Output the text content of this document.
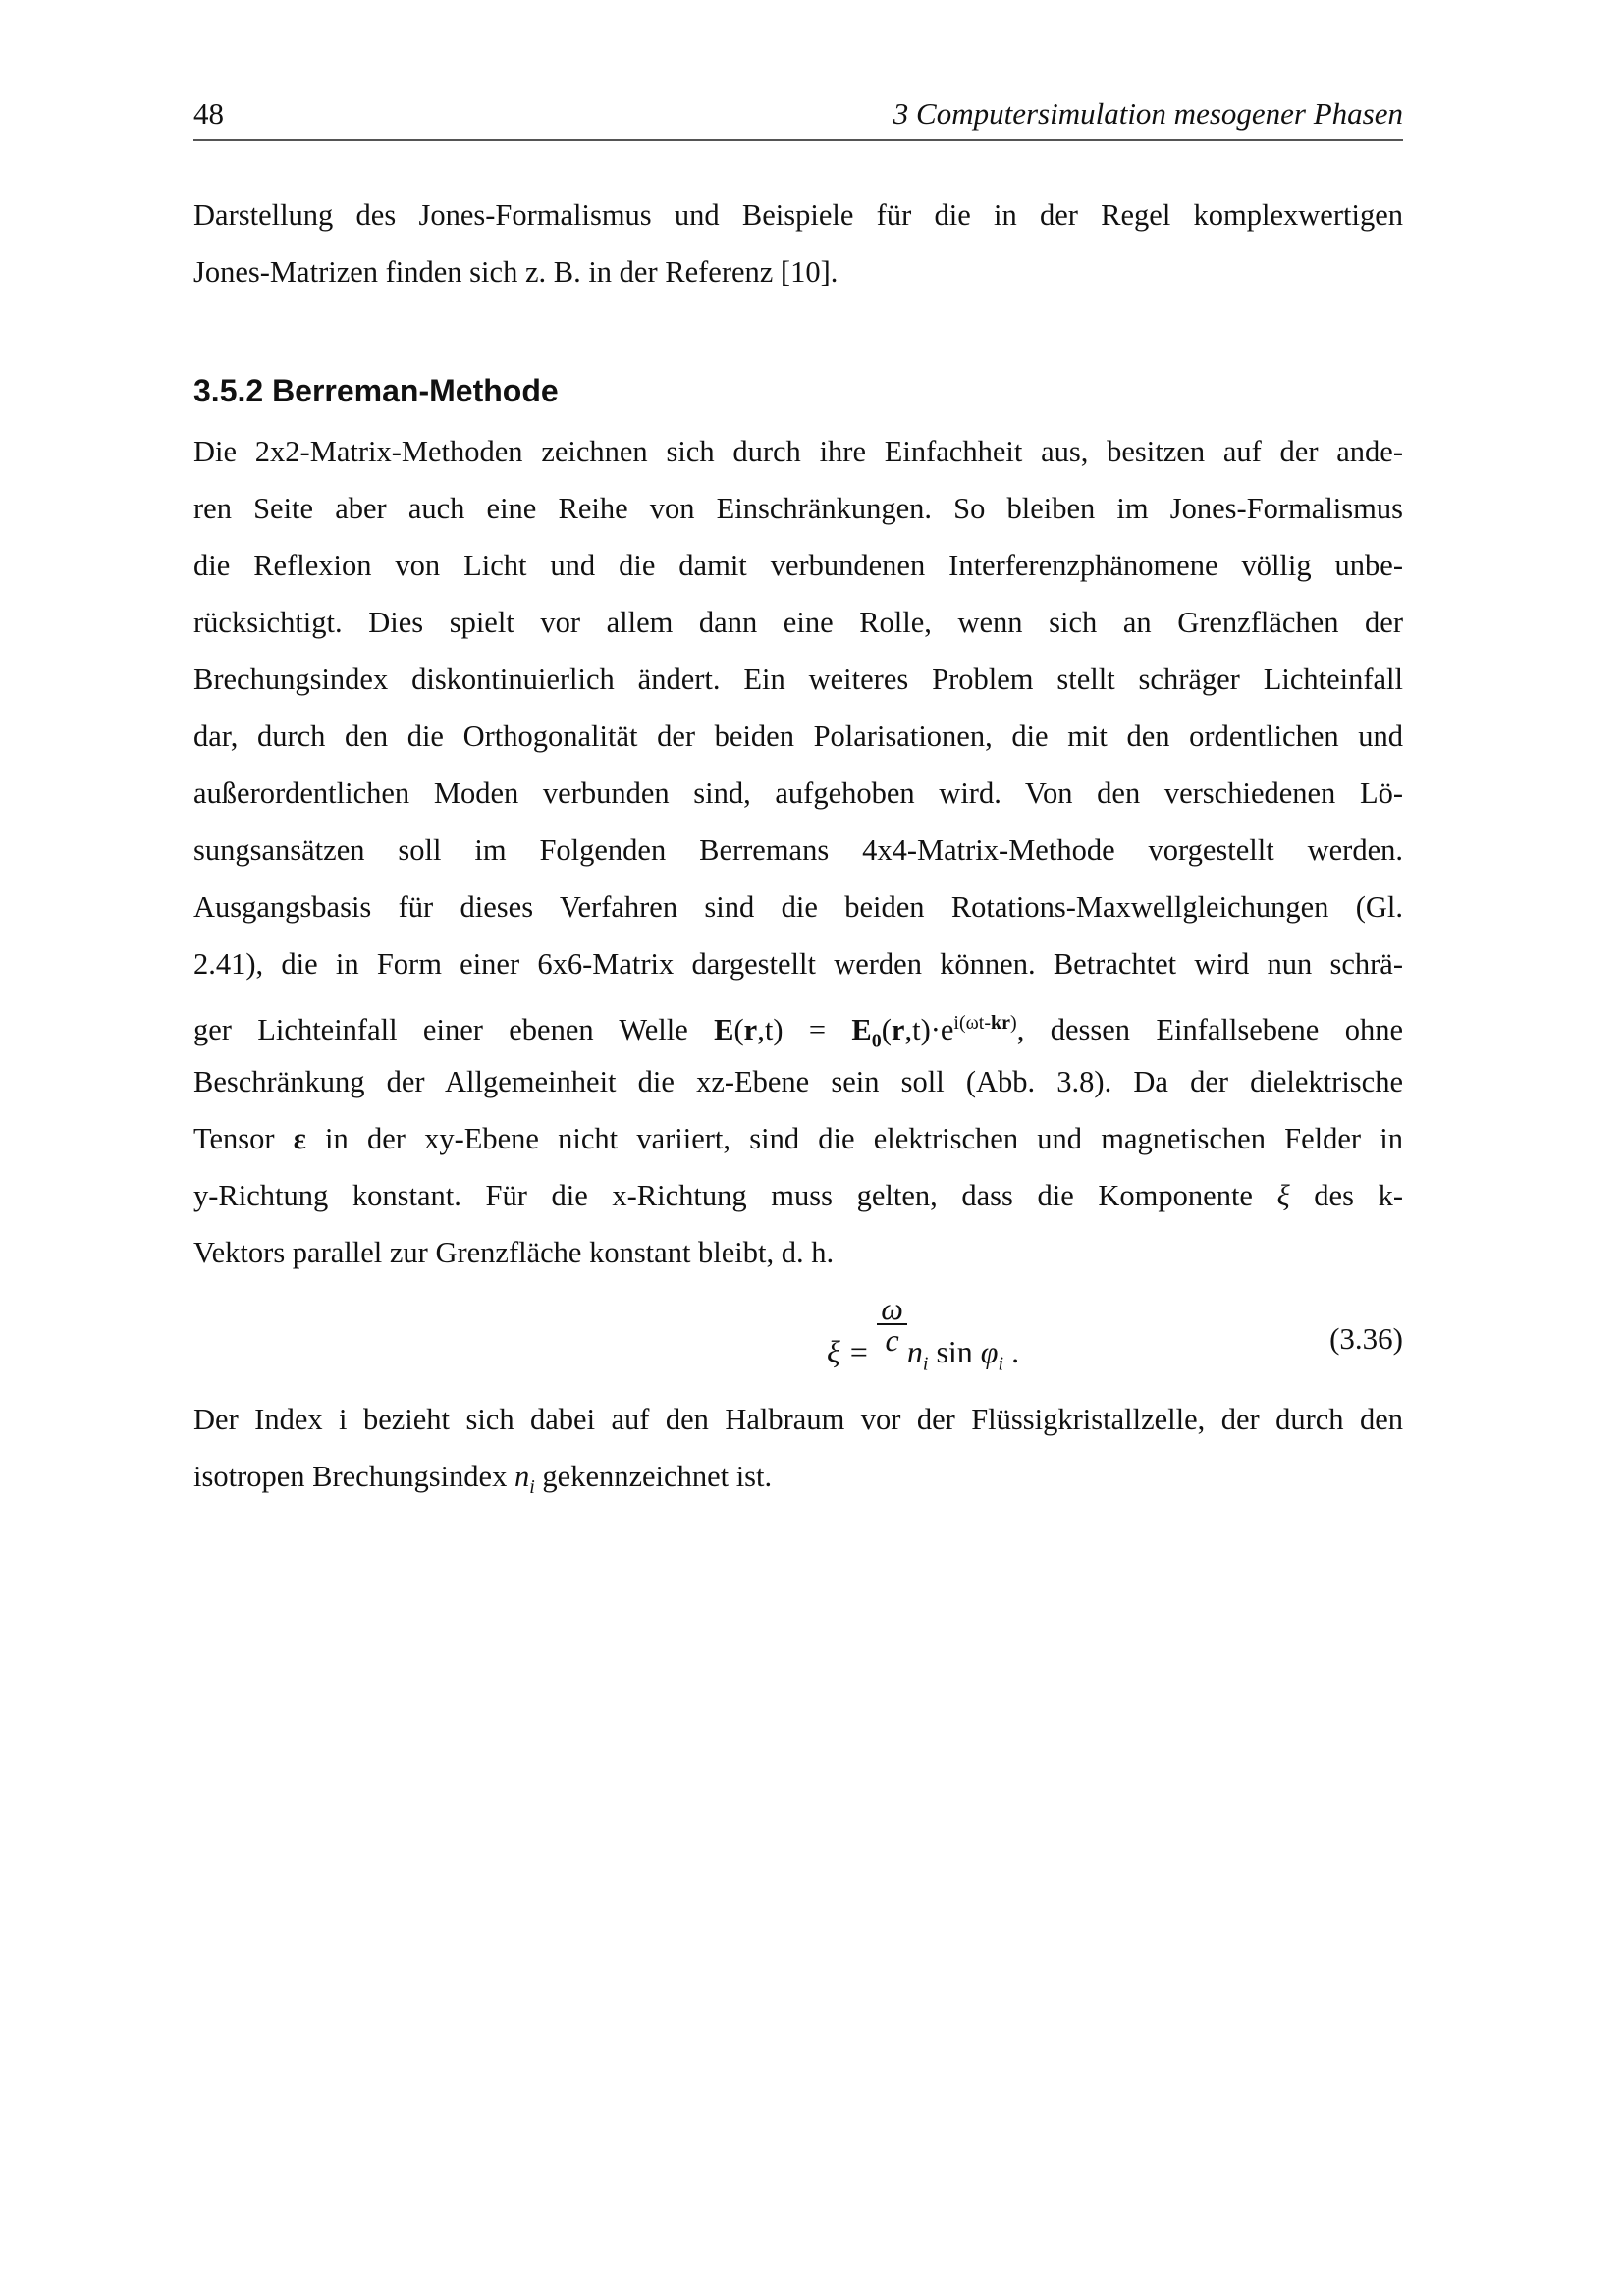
48	3 Computersimulation mesogener Phasen
Darstellung des Jones-Formalismus und Beispiele für die in der Regel komplexwertigen
Jones-Matrizen finden sich z. B. in der Referenz [10].
3.5.2 Berreman-Methode
Die 2x2-Matrix-Methoden zeichnen sich durch ihre Einfachheit aus, besitzen auf der ande-
ren Seite aber auch eine Reihe von Einschränkungen. So bleiben im Jones-Formalismus
die Reflexion von Licht und die damit verbundenen Interferenzphänomene völlig unbe-
rücksichtigt. Dies spielt vor allem dann eine Rolle, wenn sich an Grenzflächen der
Brechungsindex diskontinuierlich ändert. Ein weiteres Problem stellt schräger Lichteinfall
dar, durch den die Orthogonalität der beiden Polarisationen, die mit den ordentlichen und
außerordentlichen Moden verbunden sind, aufgehoben wird. Von den verschiedenen Lö-
sungsansätzen soll im Folgenden Berremans 4x4-Matrix-Methode vorgestellt werden.
Ausgangsbasis für dieses Verfahren sind die beiden Rotations-Maxwellgleichungen (Gl.
2.41), die in Form einer 6x6-Matrix dargestellt werden können. Betrachtet wird nun schrä-
ger Lichteinfall einer ebenen Welle $E(r,t) = E_0(r,t)\cdot e^{i(\omega t-kr)}$, dessen Einfallsebene ohne
Beschränkung der Allgemeinheit die xz-Ebene sein soll (Abb. 3.8). Da der dielektrische
Tensor ε in der xy-Ebene nicht variiert, sind die elektrischen und magnetischen Felder in
y-Richtung konstant. Für die x-Richtung muss gelten, dass die Komponente ξ des k-
Vektors parallel zur Grenzfläche konstant bleibt, d. h.
$\xi = \frac{\omega}{c} n_i$ $\sin \varphi_i$ .	(3.36)
Der Index i bezieht sich dabei auf den Halbraum vor der Flüssigkristallzelle, der durch den
isotropen Brechungsindex $n_i$ gekennzeichnet ist.
